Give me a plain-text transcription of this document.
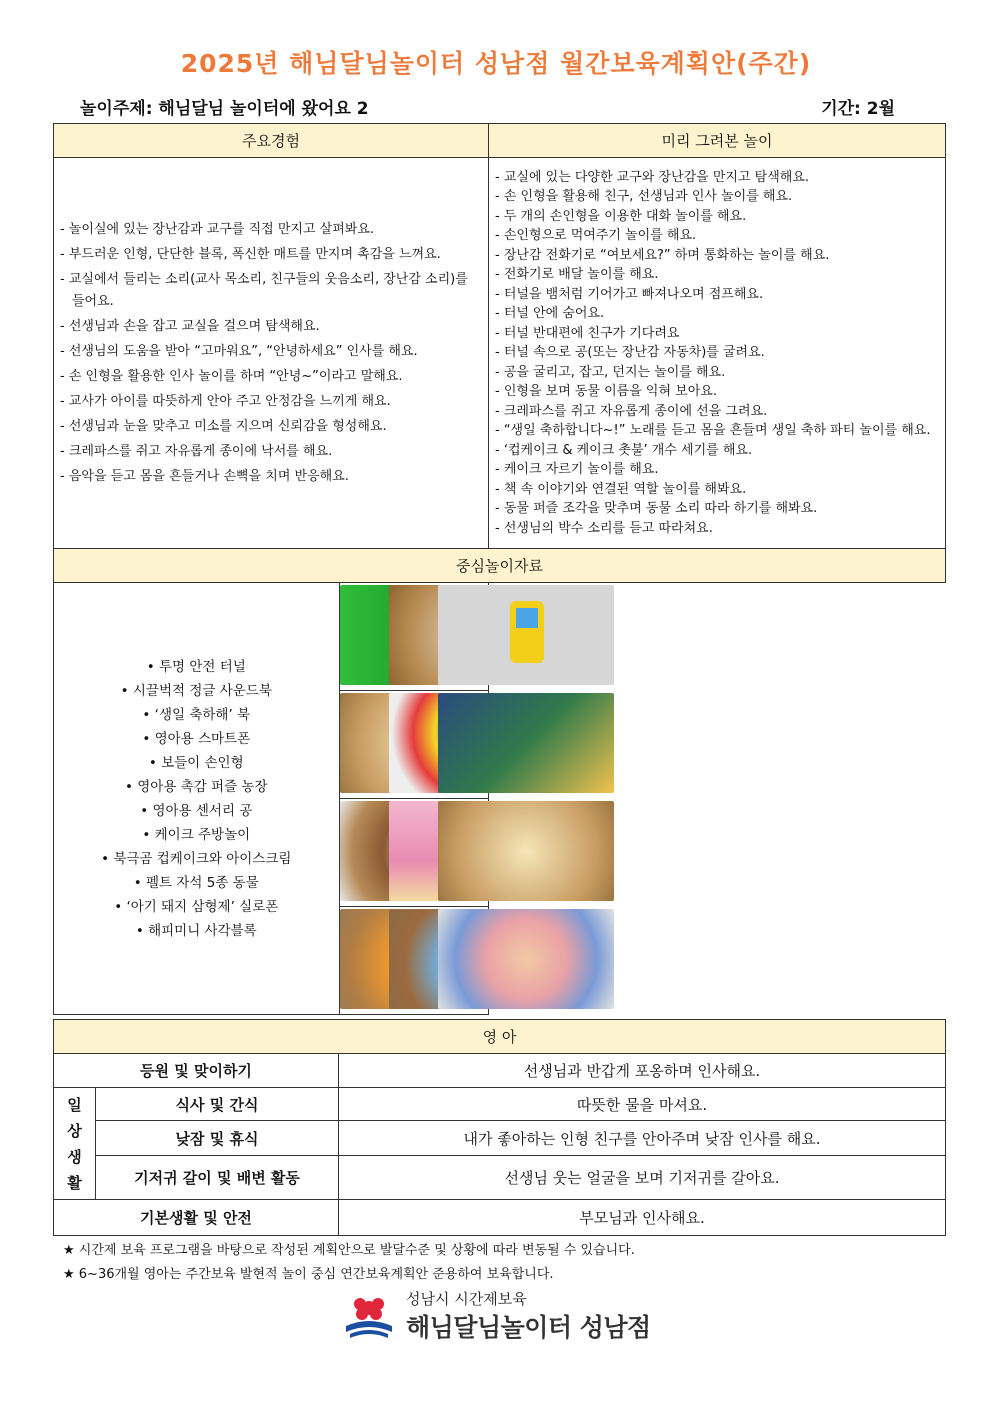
2025년 해님달님놀이터 성남점 월간보육계획안(주간)
놀이주제: 해님달님 놀이터에 왔어요 2	기간: 2월
주요경험	미리 그려본 놀이

- 놀이실에 있는 장난감과 교구를 직접 만지고 살펴봐요.
- 부드러운 인형, 단단한 블록, 폭신한 매트를 만지며 촉감을 느껴요.
- 교실에서 들리는 소리(교사 목소리, 친구들의 웃음소리, 장난감 소리)를 들어요.
- 선생님과 손을 잡고 교실을 걸으며 탐색해요.
- 선생님의 도움을 받아 “고마워요”, “안녕하세요” 인사를 해요.
- 손 인형을 활용한 인사 놀이를 하며 “안녕~”이라고 말해요.
- 교사가 아이를 따뜻하게 안아 주고 안정감을 느끼게 해요.
- 선생님과 눈을 맞추고 미소를 지으며 신뢰감을 형성해요.
- 크레파스를 쥐고 자유롭게 종이에 낙서를 해요.
- 음악을 듣고 몸을 흔들거나 손뼉을 치며 반응해요.

- 교실에 있는 다양한 교구와 장난감을 만지고 탐색해요.
- 손 인형을 활용해 친구, 선생님과 인사 놀이를 해요.
- 두 개의 손인형을 이용한 대화 놀이를 해요.
- 손인형으로 먹여주기 놀이를 해요.
- 장난감 전화기로 “여보세요?” 하며 통화하는 놀이를 해요.
- 전화기로 배달 놀이를 해요.
- 터널을 뱀처럼 기어가고 빠져나오며 점프해요.
- 터널 안에 숨어요.
- 터널 반대편에 친구가 기다려요
- 터널 속으로 공(또는 장난감 자동차)를 굴려요.
- 공을 굴리고, 잡고, 던지는 놀이를 해요.
- 인형을 보며 동물 이름을 익혀 보아요.
- 크레파스를 쥐고 자유롭게 종이에 선을 그려요.
- “생일 축하합니다~!” 노래를 듣고 몸을 흔들며 생일 축하 파티 놀이를 해요.
- ‘컵케이크 & 케이크 촛불’ 개수 세기를 해요.
- 케이크 자르기 놀이를 해요.
- 책 속 이야기와 연결된 역할 놀이를 해봐요.
- 동물 퍼즐 조각을 맞추며 동물 소리 따라 하기를 해봐요.
- 선생님의 박수 소리를 듣고 따라쳐요.

중심놀이자료

• 투명 안전 터널
• 시끌벅적 정글 사운드북
• ‘생일 축하해’ 북
• 영아용 스마트폰
• 보들이 손인형
• 영아용 촉감 퍼즐 농장
• 영아용 센서리 공
• 케이크 주방놀이
• 북극곰 컵케이크와 아이스크림
• 펠트 자석 5종 동물
• ‘아기 돼지 삼형제’ 실로폰
• 해피미니 사각블록

영 아		
등원 및 맞이하기		선생님과 반갑게 포옹하며 인사해요.

일
상
생
활	식사 및 간식	따뜻한 물을 마셔요.
	낮잠 및 휴식	내가 좋아하는 인형 친구를 안아주며 낮잠 인사를 해요.
	기저귀 갈이 및 배변 활동	선생님 웃는 얼굴을 보며 기저귀를 갈아요.
기본생활 및 안전		부모님과 인사해요.
★ 시간제 보육 프로그램을 바탕으로 작성된 계획안으로 발달수준 및 상황에 따라 변동될 수 있습니다.
★ 6~36개월 영아는 주간보육 발현적 놀이 중심 연간보육계획안 준용하여 보육합니다.
성남시 시간제보육
해님달님놀이터 성남점
